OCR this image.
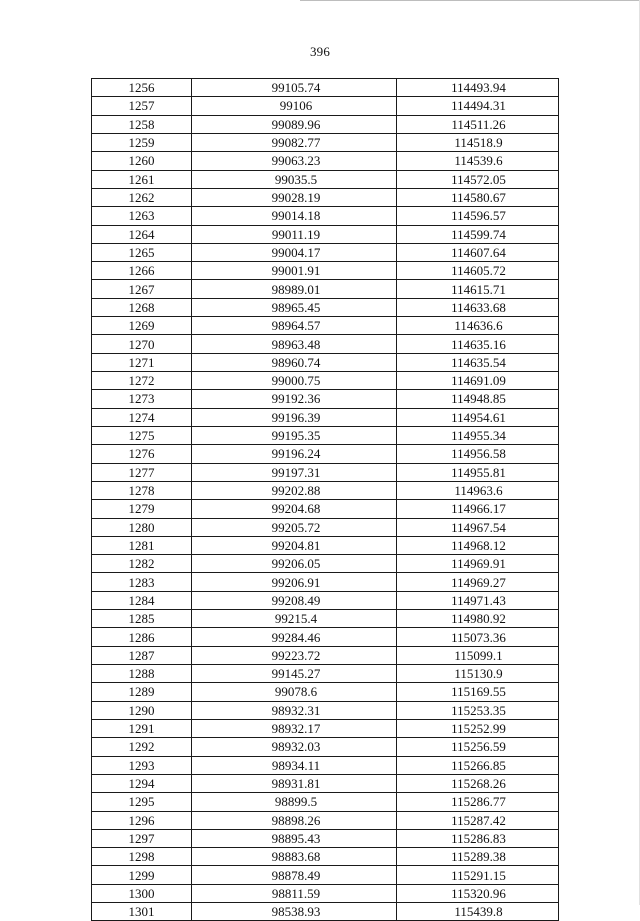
396
1256	99105.74	114493.94
1257	99106	114494.31
1258	99089.96	114511.26
1259	99082.77	114518.9
1260	99063.23	114539.6
1261	99035.5	114572.05
1262	99028.19	114580.67
1263	99014.18	114596.57
1264	99011.19	114599.74
1265	99004.17	114607.64
1266	99001.91	114605.72
1267	98989.01	114615.71
1268	98965.45	114633.68
1269	98964.57	114636.6
1270	98963.48	114635.16
1271	98960.74	114635.54
1272	99000.75	114691.09
1273	99192.36	114948.85
1274	99196.39	114954.61
1275	99195.35	114955.34
1276	99196.24	114956.58
1277	99197.31	114955.81
1278	99202.88	114963.6
1279	99204.68	114966.17
1280	99205.72	114967.54
1281	99204.81	114968.12
1282	99206.05	114969.91
1283	99206.91	114969.27
1284	99208.49	114971.43
1285	99215.4	114980.92
1286	99284.46	115073.36
1287	99223.72	115099.1
1288	99145.27	115130.9
1289	99078.6	115169.55
1290	98932.31	115253.35
1291	98932.17	115252.99
1292	98932.03	115256.59
1293	98934.11	115266.85
1294	98931.81	115268.26
1295	98899.5	115286.77
1296	98898.26	115287.42
1297	98895.43	115286.83
1298	98883.68	115289.38
1299	98878.49	115291.15
1300	98811.59	115320.96
1301	98538.93	115439.8
